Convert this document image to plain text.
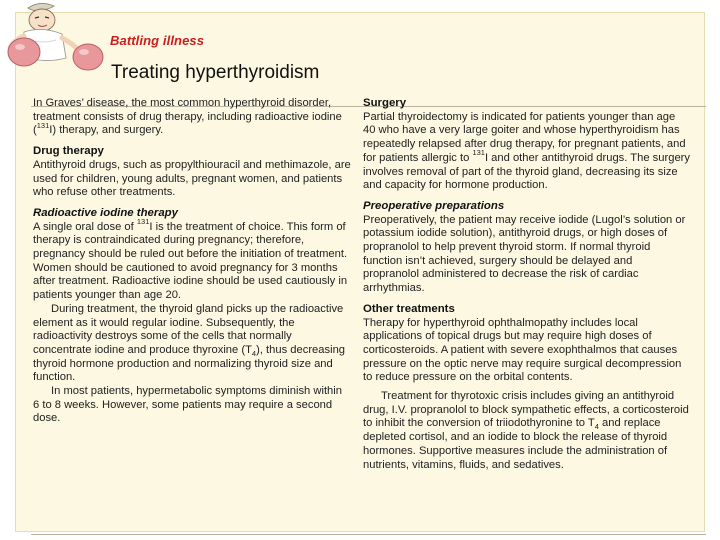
Battling illness
Treating hyperthyroidism

In Graves’ disease, the most common hyperthyroid disorder, treatment consists of drug therapy, including radioactive iodine ($^{131}$I) therapy, and surgery.

Drug therapy

Antithyroid drugs, such as propylthiouracil and methimazole, are used for children, young adults, pregnant women, and patients who refuse other treatments.

Radioactive iodine therapy

A single oral dose of $^{131}$I is the treatment of choice. This form of therapy is contraindicated during pregnancy; therefore, pregnancy should be ruled out before the initiation of treatment. Women should be cautioned to avoid pregnancy for 3 months after treatment. Radioactive iodine should be used cautiously in patients younger than age 20.

During treatment, the thyroid gland picks up the radioactive element as it would regular iodine. Subsequently, the radioactivity destroys some of the cells that normally concentrate iodine and produce thyroxine $(T_4)$, thus decreasing thyroid hormone production and normalizing thyroid size and function.

In most patients, hypermetabolic symptoms diminish within 6 to 8 weeks. However, some patients may require a second dose.

Surgery

Partial thyroidectomy is indicated for patients younger than age 40 who have a very large goiter and whose hyperthyroidism has repeatedly relapsed after drug therapy, for pregnant patients, and for patients allergic to $^{131}$I and other antithyroid drugs. The surgery involves removal of part of the thyroid gland, decreasing its size and capacity for hormone production.

Preoperative preparations

Preoperatively, the patient may receive iodide (Lugol’s solution or potassium iodide solution), antithyroid drugs, or high doses of propranolol to help prevent thyroid storm. If normal thyroid function isn’t achieved, surgery should be delayed and propranolol administered to decrease the risk of cardiac arrhythmias.

Other treatments

Therapy for hyperthyroid ophthalmopathy includes local applications of topical drugs but may require high doses of corticosteroids. A patient with severe exophthalmos that causes pressure on the optic nerve may require surgical decompression to reduce pressure on the orbital contents.

Treatment for thyrotoxic crisis includes giving an antithyroid drug, I.V. propranolol to block sympathetic effects, a corticosteroid to inhibit the conversion of triiodothyronine to $T_4$ and replace depleted cortisol, and an iodide to block the release of thyroid hormones. Supportive measures include the administration of nutrients, vitamins, fluids, and sedatives.
